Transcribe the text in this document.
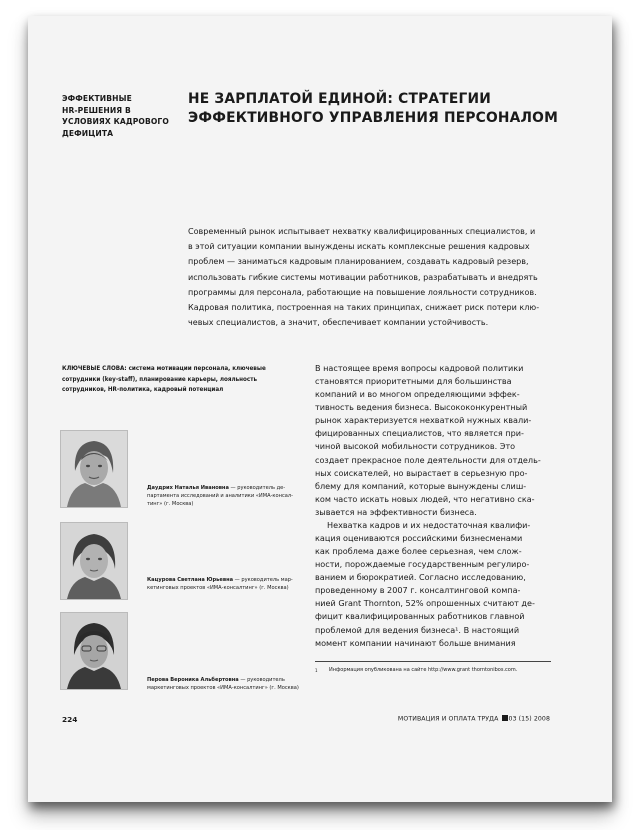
ЭФФЕКТИВНЫЕ
HR-РЕШЕНИЯ В
УСЛОВИЯХ КАДРОВОГО
ДЕФИЦИТА
НЕ ЗАРПЛАТОЙ ЕДИНОЙ: СТРАТЕГИИ
ЭФФЕКТИВНОГО УПРАВЛЕНИЯ ПЕРСОНАЛОМ
Современный рынок испытывает нехватку квалифицированных специалистов, и
в этой ситуации компании вынуждены искать комплексные решения кадровых
проблем — заниматься кадровым планированием, создавать кадровый резерв,
использовать гибкие системы мотивации работников, разрабатывать и внедрять
программы для персонала, работающие на повышение лояльности сотрудников.
Кадровая политика, построенная на таких принципах, снижает риск потери клю-
чевых специалистов, а значит, обеспечивает компании устойчивость.
КЛЮЧЕВЫЕ СЛОВА: система мотивации персонала, ключевые
сотрудники (key-staff), планирование карьеры, лояльность
сотрудников, HR-политика, кадровый потенциал
Даудрих Наталья Ивановна — руководитель де-
партамента исследований и аналитики «ИМА-консал-
тинг» (г. Москва)
Кацурова Светлана Юрьевна — руководитель мар-
кетинговых проектов «ИМА-консалтинг» (г. Москва)
Перова Вероника Альбертовна — руководитель
маркетинговых проектов «ИМА-консалтинг» (г. Москва)
В настоящее время вопросы кадровой политики
становятся приоритетными для большинства
компаний и во многом определяющими эффек-
тивность ведения бизнеса. Высококонкурентный
рынок характеризуется нехваткой нужных квали-
фицированных специалистов, что является при-
чиной высокой мобильности сотрудников. Это
создает прекрасное поле деятельности для отдель-
ных соискателей, но вырастает в серьезную про-
блему для компаний, которые вынуждены слиш-
ком часто искать новых людей, что негативно ска-
зывается на эффективности бизнеса.
Нехватка кадров и их недостаточная квалифи-
кация оцениваются российскими бизнесменами
как проблема даже более серьезная, чем слож-
ности, порождаемые государственным регулиро-
ванием и бюрократией. Согласно исследованию,
проведенному в 2007 г. консалтинговой компа-
нией Grant Thornton, 52% опрошенных считают де-
фицит квалифицированных работников главной
проблемой для ведения бизнеса¹. В настоящий
момент компании начинают больше внимания
1 Информация опубликована на сайте http://www.grant thorntonibos.com.
224	МОТИВАЦИЯ И ОПЛАТА ТРУДА 03 (15) 2008
